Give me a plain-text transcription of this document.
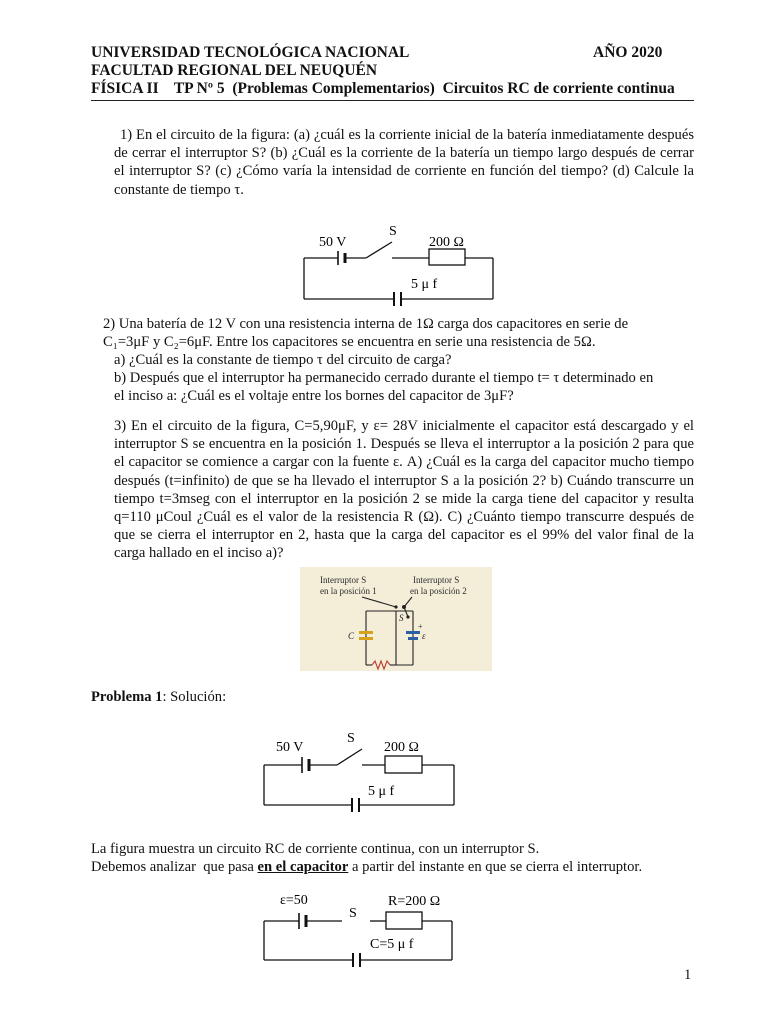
UNIVERSIDAD TECNOLÓGICA NACIONAL	AÑO 2020
FACULTAD REGIONAL DEL NEUQUÉN
FÍSICA II    TP Nº 5  (Problemas Complementarios)  Circuitos RC de corriente continua
1) En el circuito de la figura: (a) ¿cuál es la corriente inicial de la batería inmediatamente después de cerrar el interruptor S? (b) ¿Cuál es la corriente de la batería un tiempo largo después de cerrar el interruptor S? (c) ¿Cómo varía la intensidad de corriente en función del tiempo? (d) Calcule la constante de tiempo τ.
50 V
S
200 Ω
5 μ f
2) Una batería de 12 V con una resistencia interna de 1Ω carga dos capacitores en serie de
C₁=3μF y C₂=6μF. Entre los capacitores se encuentra en serie una resistencia de 5Ω.
a) ¿Cuál es la constante de tiempo τ del circuito de carga?
b) Después que el interruptor ha permanecido cerrado durante el tiempo t= τ determinado en
el inciso a: ¿Cuál es el voltaje entre los bornes del capacitor de 3μF?
3) En el circuito de la figura, C=5,90μF, y ε= 28V inicialmente el capacitor está descargado y el interruptor S se encuentra en la posición 1. Después se lleva el interruptor a la posición 2 para que el capacitor se comience a cargar con la fuente ε. A) ¿Cuál es la carga del capacitor mucho tiempo después (t=infinito) de que se ha llevado el interruptor S a la posición 2? b) Cuándo transcurre un tiempo t=3mseg con el interruptor en la posición 2 se mide la carga tiene del capacitor y resulta q=110 μCoul ¿Cuál es el valor de la resistencia R (Ω). C) ¿Cuánto tiempo transcurre después de que se cierra el interruptor en 2, hasta que la carga del capacitor es el 99% del valor final de la carga hallado en el inciso a)?
Interruptor S
en la posición 1
Interruptor S
en la posición 2
S
C	ε
+
Problema 1: Solución:
50 V
S
200 Ω
5 μ f
La figura muestra un circuito RC de corriente continua, con un interruptor S.
Debemos analizar  que pasa en el capacitor a partir del instante en que se cierra el interruptor.
ε=50
S
R=200 Ω
C=5 μ f
1
